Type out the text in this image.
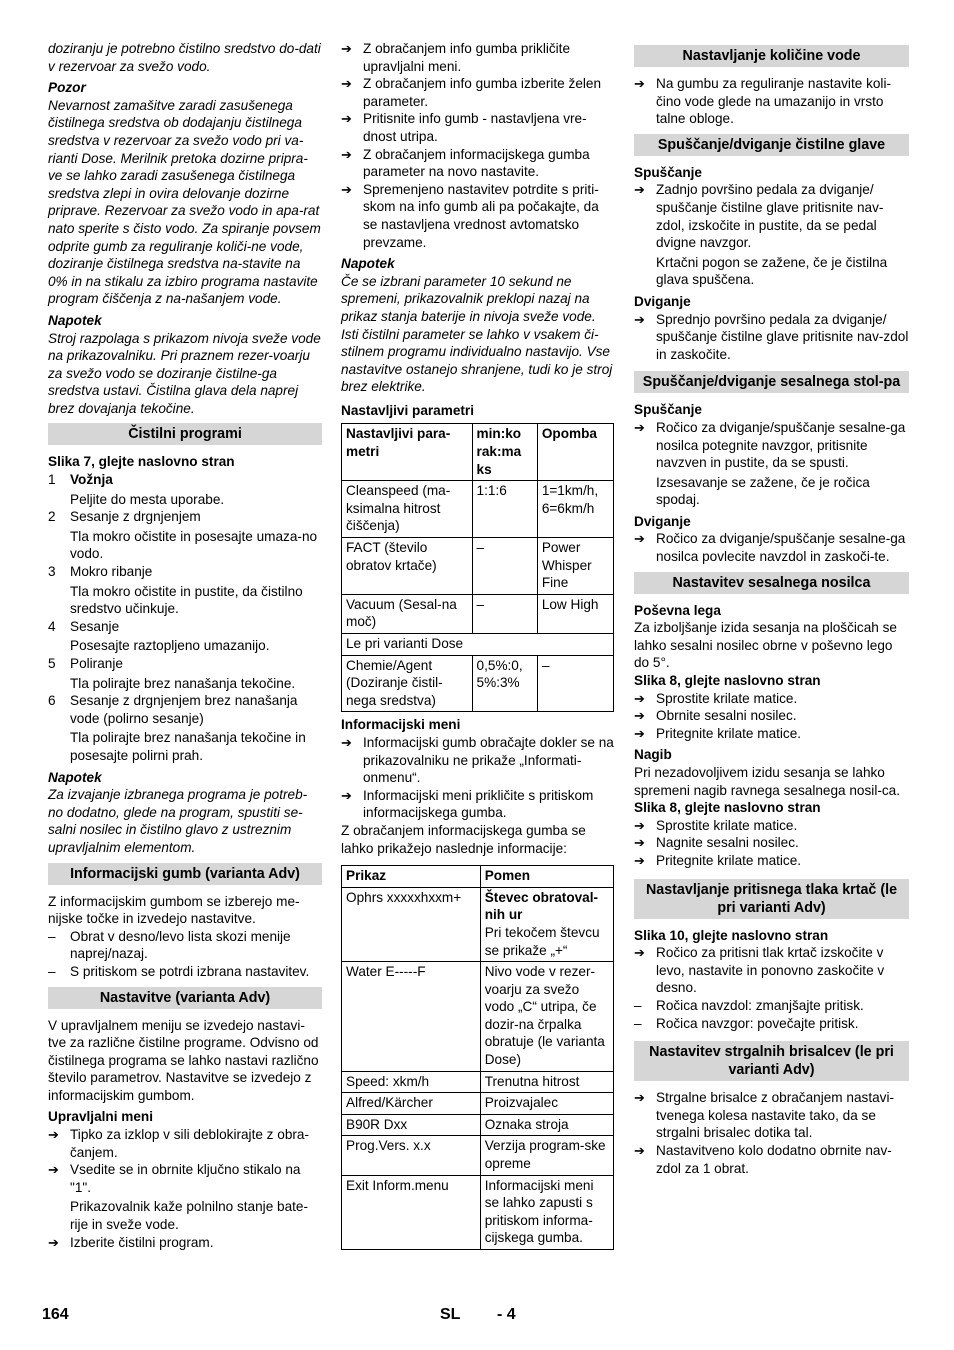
doziranju je potrebno čistilno sredstvo do-dati v rezervoar za svežo vodo.

Pozor

Nevarnost zamašitve zaradi zasušenega čistilnega sredstva ob dodajanju čistilnega sredstva v rezervoar za svežo vodo pri va-rianti Dose. Merilnik pretoka dozirne pripra-ve se lahko zaradi zasušenega čistilnega sredstva zlepi in ovira delovanje dozirne priprave. Rezervoar za svežo vodo in apa-rat nato sperite s čisto vodo. Za spiranje povsem odprite gumb za reguliranje količi-ne vode, doziranje čistilnega sredstva na-stavite na 0% in na stikalu za izbiro programa nastavite program čiščenja z na-našanjem vode.

Napotek

Stroj razpolaga s prikazom nivoja sveže vode na prikazovalniku. Pri praznem rezer-voarju za svežo vodo se doziranje čistilne-ga sredstva ustavi. Čistilna glava dela naprej brez dovajanja tekočine.

Čistilni programi

Slika 7, glejte naslovno stran

1 Vožnja

Peljite do mesta uporabe.

2 Sesanje z drgnjenjem

Tla mokro očistite in posesajte umaza-no vodo.

3 Mokro ribanje

Tla mokro očistite in pustite, da čistilno sredstvo učinkuje.

4 Sesanje

Posesajte raztopljeno umazanijo.

5 Poliranje

Tla polirajte brez nanašanja tekočine.

6 Sesanje z drgnjenjem brez nanašanja vode (polirno sesanje)

Tla polirajte brez nanašanja tekočine in posesajte polirni prah.

Napotek

Za izvajanje izbranega programa je potreb-no dodatno, glede na program, spustiti se-salni nosilec in čistilno glavo z ustreznim upravljalnim elementom.

Informacijski gumb (varianta Adv)

Z informacijskim gumbom se izberejo me-nijske točke in izvedejo nastavitve.

– Obrat v desno/levo lista skozi menije naprej/nazaj.

– S pritiskom se potrdi izbrana nastavitev.

Nastavitve (varianta Adv)

V upravljalnem meniju se izvedejo nastavi-tve za različne čistilne programe. Odvisno od čistilnega programa se lahko nastavi različno število parametrov. Nastavitve se izvedejo z informacijskim gumbom.

Upravljalni meni

➔ Tipko za izklop v sili deblokirajte z obra-čanjem.

➔ Vsedite se in obrnite ključno stikalo na "1".

Prikazovalnik kaže polnilno stanje bate-rije in sveže vode.

➔ Izberite čistilni program.

➔ Z obračanjem info gumba prikličite upravljalni meni.

➔ Z obračanjem info gumba izberite želen parameter.

➔ Pritisnite info gumb - nastavljena vre-dnost utripa.

➔ Z obračanjem informacijskega gumba parameter na novo nastavite.

➔ Spremenjeno nastavitev potrdite s priti-skom na info gumb ali pa počakajte, da se nastavljena vrednost avtomatsko prevzame.

Napotek

Če se izbrani parameter 10 sekund ne spremeni, prikazovalnik preklopi nazaj na prikaz stanja baterije in nivoja sveže vode. Isti čistilni parameter se lahko v vsakem či-stilnem programu individualno nastavijo. Vse nastavitve ostanejo shranjene, tudi ko je stroj brez elektrike.

Nastavljivi parametri

Nastavljivi para-metri	min:ko rak:ma ks	Opomba
Cleanspeed (ma-ksimalna hitrost čiščenja)	1:1:6	1=1km/h, 6=6km/h
FACT (število obratov krtače)	–	Power Whisper Fine
Vacuum (Sesal-na moč)	–	Low High
Le pri varianti Dose		
Chemie/Agent (Doziranje čistil-nega sredstva)	0,5%:0, 5%:3%	–

Informacijski meni

➔ Informacijski gumb obračajte dokler se na prikazovalniku ne prikaže „Informati-onmenu“.

➔ Informacijski meni prikličite s pritiskom informacijskega gumba.

Z obračanjem informacijskega gumba se lahko prikažejo naslednje informacije:

Prikaz	Pomen
Ophrs xxxxxhxxm+	Števec obratoval-nih ur
Pri tekočem števcu se prikaže „+“

Water E-----F	Nivo vode v rezer-voarju za svežo vodo „C“ utripa, če dozir-na črpalka obratuje (le varianta Dose)
Speed: xkm/h	Trenutna hitrost
Alfred/Kärcher	Proizvajalec
B90R Dxx	Oznaka stroja
Prog.Vers. x.x	Verzija program-ske opreme
Exit Inform.menu	Informacijski meni se lahko zapusti s pritiskom informa-cijskega gumba.
Nastavljanje količine vode

➔ Na gumbu za reguliranje nastavite koli-čino vode glede na umazanijo in vrsto talne obloge.

Spuščanje/dviganje čistilne glave

Spuščanje

➔ Zadnjo površino pedala za dviganje/ spuščanje čistilne glave pritisnite nav-zdol, izskočite in pustite, da se pedal dvigne navzgor.

Krtačni pogon se zažene, če je čistilna glava spuščena.

Dviganje

➔ Sprednjo površino pedala za dviganje/ spuščanje čistilne glave pritisnite nav-zdol in zaskočite.

Spuščanje/dviganje sesalnega stol-pa

Spuščanje

➔ Ročico za dviganje/spuščanje sesalne-ga nosilca potegnite navzgor, pritisnite navzven in pustite, da se spusti.

Izsesavanje se zažene, če je ročica spodaj.

Dviganje

➔ Ročico za dviganje/spuščanje sesalne-ga nosilca povlecite navzdol in zaskoči-te.

Nastavitev sesalnega nosilca

Poševna lega

Za izboljšanje izida sesanja na ploščicah se lahko sesalni nosilec obrne v poševno lego do 5°.

Slika 8, glejte naslovno stran

➔ Sprostite krilate matice.

➔ Obrnite sesalni nosilec.

➔ Pritegnite krilate matice.

Nagib

Pri nezadovoljivem izidu sesanja se lahko spremeni nagib ravnega sesalnega nosil-ca.

Slika 8, glejte naslovno stran

➔ Sprostite krilate matice.

➔ Nagnite sesalni nosilec.

➔ Pritegnite krilate matice.

Nastavljanje pritisnega tlaka krtač (le pri varianti Adv)

Slika 10, glejte naslovno stran

➔ Ročico za pritisni tlak krtač izskočite v levo, nastavite in ponovno zaskočite v desno.

– Ročica navzdol: zmanjšajte pritisk.

– Ročica navzgor: povečajte pritisk.

Nastavitev strgalnih brisalcev (le pri varianti Adv)

➔ Strgalne brisalce z obračanjem nastavi-tvenega kolesa nastavite tako, da se strgalni brisalec dotika tal.

➔ Nastavitveno kolo dodatno obrnite nav-zdol za 1 obrat.

164	SL - 4
